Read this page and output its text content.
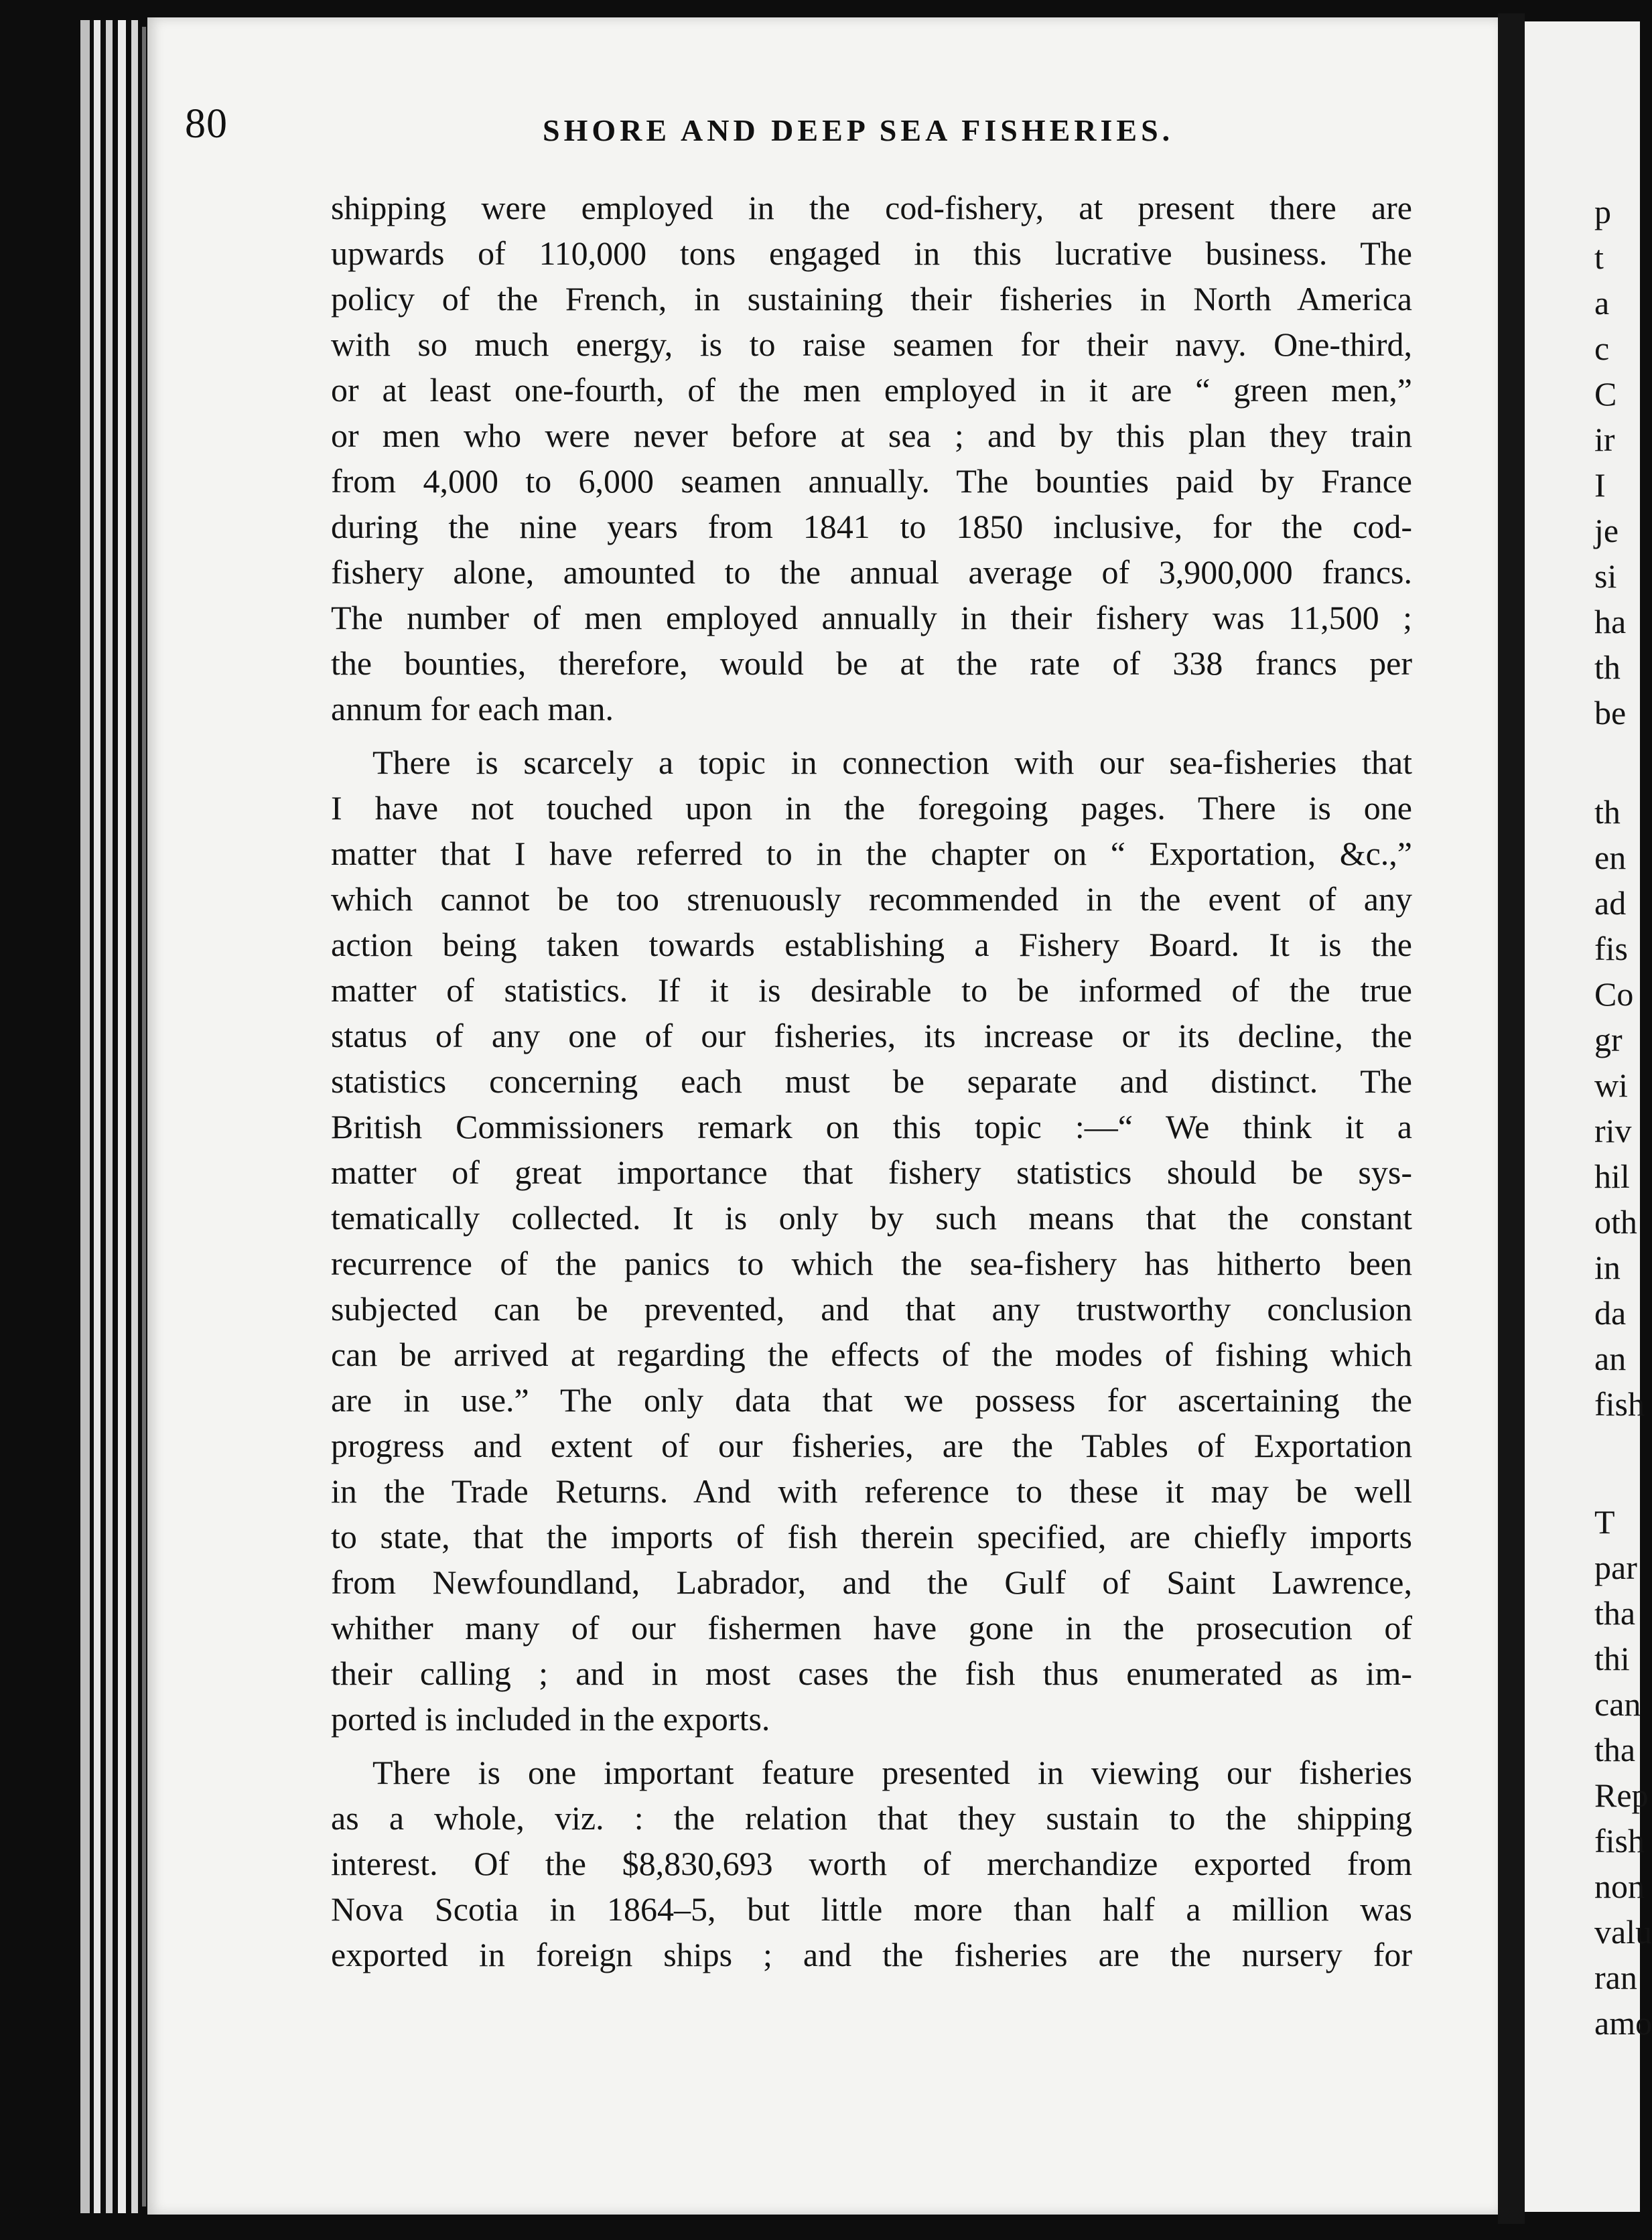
80	SHORE AND DEEP SEA FISHERIES.
shipping were employed in the cod-fishery, at present there are
upwards of 110,000 tons engaged in this lucrative business. The
policy of the French, in sustaining their fisheries in North America
with so much energy, is to raise seamen for their navy. One-third,
or at least one-fourth, of the men employed in it are “ green men,”
or men who were never before at sea ; and by this plan they train
from 4,000 to 6,000 seamen annually. The bounties paid by France
during the nine years from 1841 to 1850 inclusive, for the cod-
fishery alone, amounted to the annual average of 3,900,000 francs.
The number of men employed annually in their fishery was 11,500 ;
the bounties, therefore, would be at the rate of 338 francs per
annum for each man.
There is scarcely a topic in connection with our sea-fisheries that
I have not touched upon in the foregoing pages. There is one
matter that I have referred to in the chapter on “ Exportation, &c.,”
which cannot be too strenuously recommended in the event of any
action being taken towards establishing a Fishery Board. It is the
matter of statistics. If it is desirable to be informed of the true
status of any one of our fisheries, its increase or its decline, the
statistics concerning each must be separate and distinct. The
British Commissioners remark on this topic :—“ We think it a
matter of great importance that fishery statistics should be sys-
tematically collected. It is only by such means that the constant
recurrence of the panics to which the sea-fishery has hitherto been
subjected can be prevented, and that any trustworthy conclusion
can be arrived at regarding the effects of the modes of fishing which
are in use.” The only data that we possess for ascertaining the
progress and extent of our fisheries, are the Tables of Exportation
in the Trade Returns. And with reference to these it may be well
to state, that the imports of fish therein specified, are chiefly imports
from Newfoundland, Labrador, and the Gulf of Saint Lawrence,
whither many of our fishermen have gone in the prosecution of
their calling ; and in most cases the fish thus enumerated as im-
ported is included in the exports.
There is one important feature presented in viewing our fisheries
as a whole, viz. : the relation that they sustain to the shipping
interest. Of the $8,830,693 worth of merchandize exported from
Nova Scotia in 1864–5, but little more than half a million was
exported in foreign ships ; and the fisheries are the nursery for
p
t
a
c
C
ir
I
je
si
ha
th
be
th
en
ad
fis
Co
gr
wi
riv
hil
oth
in
da
an
fish
T
par
tha
thi
can
tha
Rep
fish
non
valu
ran
amo
